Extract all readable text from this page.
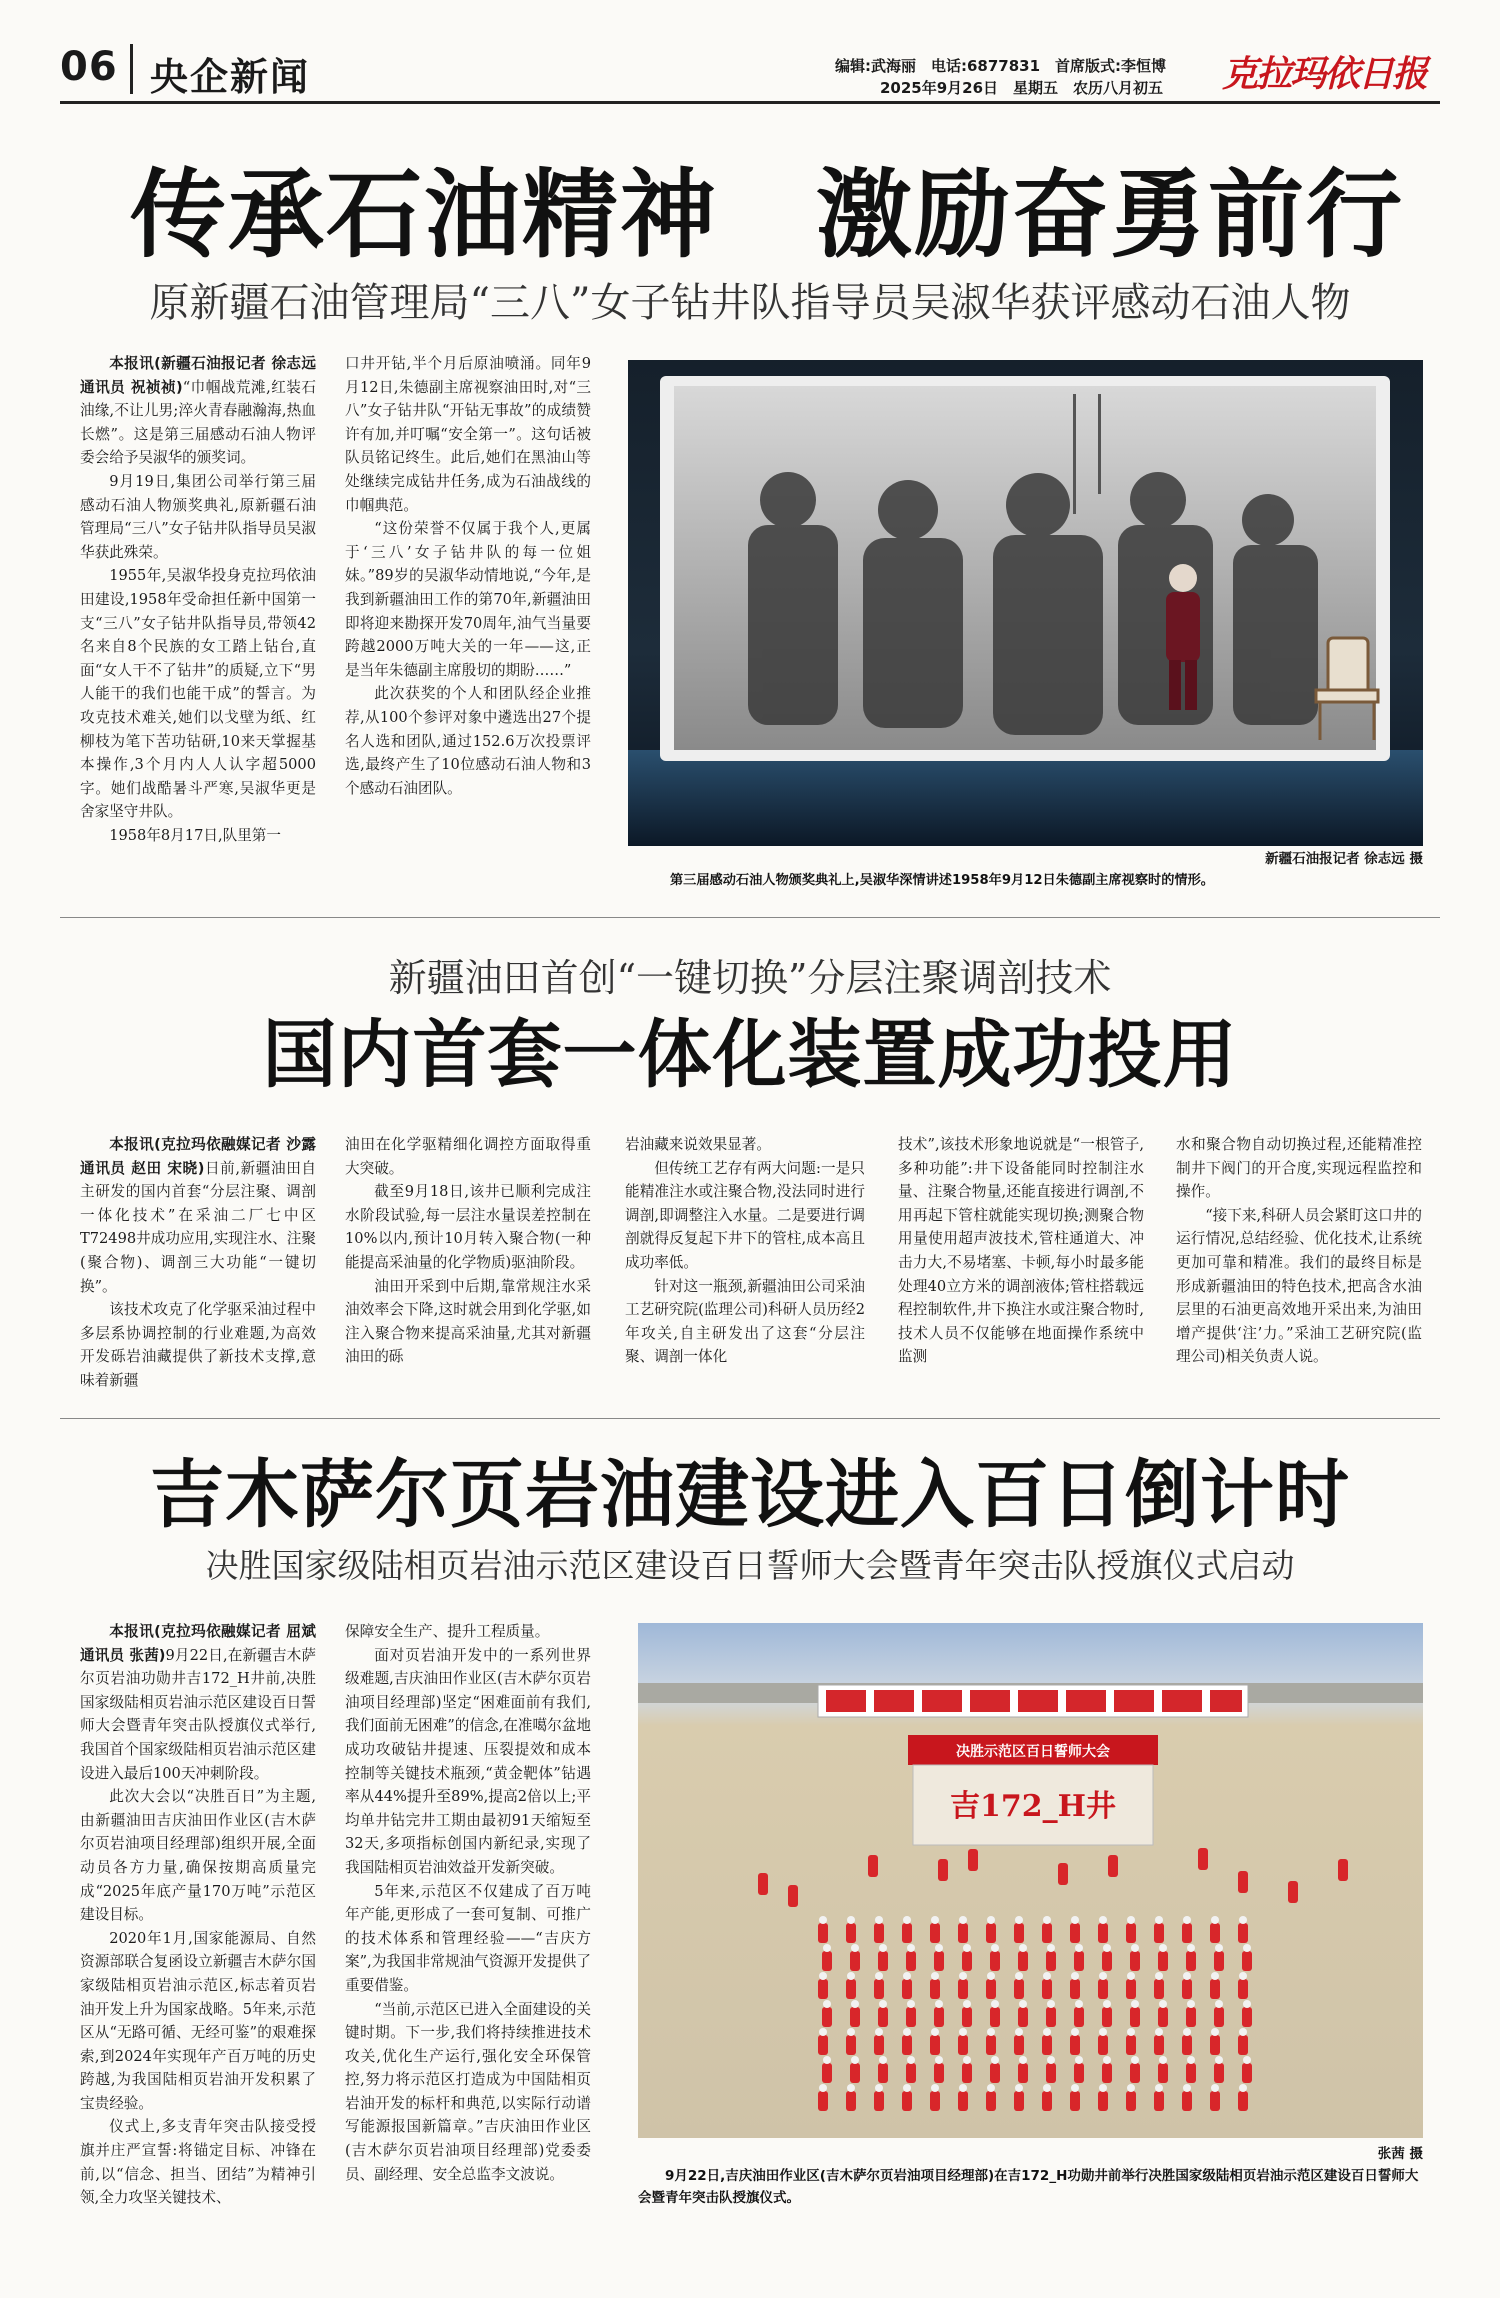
06 央企新闻	编辑:武海丽　电话:6877831　首席版式:李恒博
2025年9月26日　星期五　农历八月初五 克拉玛依日报
传承石油精神　激励奋勇前行
原新疆石油管理局“三八”女子钻井队指导员吴淑华获评感动石油人物

本报讯(新疆石油报记者 徐志远 通讯员 祝祯祯)“巾帼战荒滩,红装石油缘,不让儿男;淬火青春融瀚海,热血长燃”。这是第三届感动石油人物评委会给予吴淑华的颁奖词。

9月19日,集团公司举行第三届感动石油人物颁奖典礼,原新疆石油管理局“三八”女子钻井队指导员吴淑华获此殊荣。

1955年,吴淑华投身克拉玛依油田建设,1958年受命担任新中国第一支“三八”女子钻井队指导员,带领42名来自8个民族的女工踏上钻台,直面“女人干不了钻井”的质疑,立下“男人能干的我们也能干成”的誓言。为攻克技术难关,她们以戈壁为纸、红柳枝为笔下苦功钻研,10来天掌握基本操作,3个月内人人认字超5000字。她们战酷暑斗严寒,吴淑华更是舍家坚守井队。

1958年8月17日,队里第一

口井开钻,半个月后原油喷涌。同年9月12日,朱德副主席视察油田时,对“三八”女子钻井队“开钻无事故”的成绩赞许有加,并叮嘱“安全第一”。这句话被队员铭记终生。此后,她们在黑油山等处继续完成钻井任务,成为石油战线的巾帼典范。

“这份荣誉不仅属于我个人,更属于‘三八’女子钻井队的每一位姐妹。”89岁的吴淑华动情地说,“今年,是我到新疆油田工作的第70年,新疆油田即将迎来勘探开发70周年,油气当量要跨越2000万吨大关的一年——这,正是当年朱德副主席殷切的期盼……”

此次获奖的个人和团队经企业推荐,从100个参评对象中遴选出27个提名人选和团队,通过152.6万次投票评选,最终产生了10位感动石油人物和3个感动石油团队。

新疆石油报记者 徐志远 摄
第三届感动石油人物颁奖典礼上,吴淑华深情讲述1958年9月12日朱德副主席视察时的情形。
新疆油田首创“一键切换”分层注聚调剖技术
国内首套一体化装置成功投用

本报讯(克拉玛依融媒记者 沙露 通讯员 赵田 宋晓)日前,新疆油田自主研发的国内首套“分层注聚、调剖一体化技术”在采油二厂七中区T72498井成功应用,实现注水、注聚(聚合物)、调剖三大功能“一键切换”。

该技术攻克了化学驱采油过程中多层系协调控制的行业难题,为高效开发砾岩油藏提供了新技术支撑,意味着新疆

油田在化学驱精细化调控方面取得重大突破。

截至9月18日,该井已顺利完成注水阶段试验,每一层注水量误差控制在10%以内,预计10月转入聚合物(一种能提高采油量的化学物质)驱油阶段。

油田开采到中后期,靠常规注水采油效率会下降,这时就会用到化学驱,如注入聚合物来提高采油量,尤其对新疆油田的砾

岩油藏来说效果显著。

但传统工艺存有两大问题:一是只能精准注水或注聚合物,没法同时进行调剖,即调整注入水量。二是要进行调剖就得反复起下井下的管柱,成本高且成功率低。

针对这一瓶颈,新疆油田公司采油工艺研究院(监理公司)科研人员历经2年攻关,自主研发出了这套“分层注聚、调剖一体化

技术”,该技术形象地说就是“一根管子,多种功能”:井下设备能同时控制注水量、注聚合物量,还能直接进行调剖,不用再起下管柱就能实现切换;测聚合物用量使用超声波技术,管柱通道大、冲击力大,不易堵塞、卡顿,每小时最多能处理40立方米的调剖液体;管柱搭载远程控制软件,井下换注水或注聚合物时,技术人员不仅能够在地面操作系统中监测

水和聚合物自动切换过程,还能精准控制井下阀门的开合度,实现远程监控和操作。

“接下来,科研人员会紧盯这口井的运行情况,总结经验、优化技术,让系统更加可靠和精准。我们的最终目标是形成新疆油田的特色技术,把高含水油层里的石油更高效地开采出来,为油田增产提供‘注’力。”采油工艺研究院(监理公司)相关负责人说。

吉木萨尔页岩油建设进入百日倒计时
决胜国家级陆相页岩油示范区建设百日誓师大会暨青年突击队授旗仪式启动

本报讯(克拉玛依融媒记者 屈斌 通讯员 张茜)9月22日,在新疆吉木萨尔页岩油功勋井吉172_H井前,决胜国家级陆相页岩油示范区建设百日誓师大会暨青年突击队授旗仪式举行,我国首个国家级陆相页岩油示范区建设进入最后100天冲刺阶段。

此次大会以“决胜百日”为主题,由新疆油田吉庆油田作业区(吉木萨尔页岩油项目经理部)组织开展,全面动员各方力量,确保按期高质量完成“2025年底产量170万吨”示范区建设目标。

2020年1月,国家能源局、自然资源部联合复函设立新疆吉木萨尔国家级陆相页岩油示范区,标志着页岩油开发上升为国家战略。5年来,示范区从“无路可循、无经可鉴”的艰难探索,到2024年实现年产百万吨的历史跨越,为我国陆相页岩油开发积累了宝贵经验。

仪式上,多支青年突击队接受授旗并庄严宣誓:将锚定目标、冲锋在前,以“信念、担当、团结”为精神引领,全力攻坚关键技术、

保障安全生产、提升工程质量。

面对页岩油开发中的一系列世界级难题,吉庆油田作业区(吉木萨尔页岩油项目经理部)坚定“困难面前有我们,我们面前无困难”的信念,在准噶尔盆地成功攻破钻井提速、压裂提效和成本控制等关键技术瓶颈,“黄金靶体”钻遇率从44%提升至89%,提高2倍以上;平均单井钻完井工期由最初91天缩短至32天,多项指标创国内新纪录,实现了我国陆相页岩油效益开发新突破。

5年来,示范区不仅建成了百万吨年产能,更形成了一套可复制、可推广的技术体系和管理经验——“吉庆方案”,为我国非常规油气资源开发提供了重要借鉴。

“当前,示范区已进入全面建设的关键时期。下一步,我们将持续推进技术攻关,优化生产运行,强化安全环保管控,努力将示范区打造成为中国陆相页岩油开发的标杆和典范,以实际行动谱写能源报国新篇章。”吉庆油田作业区(吉木萨尔页岩油项目经理部)党委委员、副经理、安全总监李文波说。

决胜示范区百日誓师大会
吉172_H井
张茜 摄
9月22日,吉庆油田作业区(吉木萨尔页岩油项目经理部)在吉172_H功勋井前举行决胜国家级陆相页岩油示范区建设百日誓师大会暨青年突击队授旗仪式。
